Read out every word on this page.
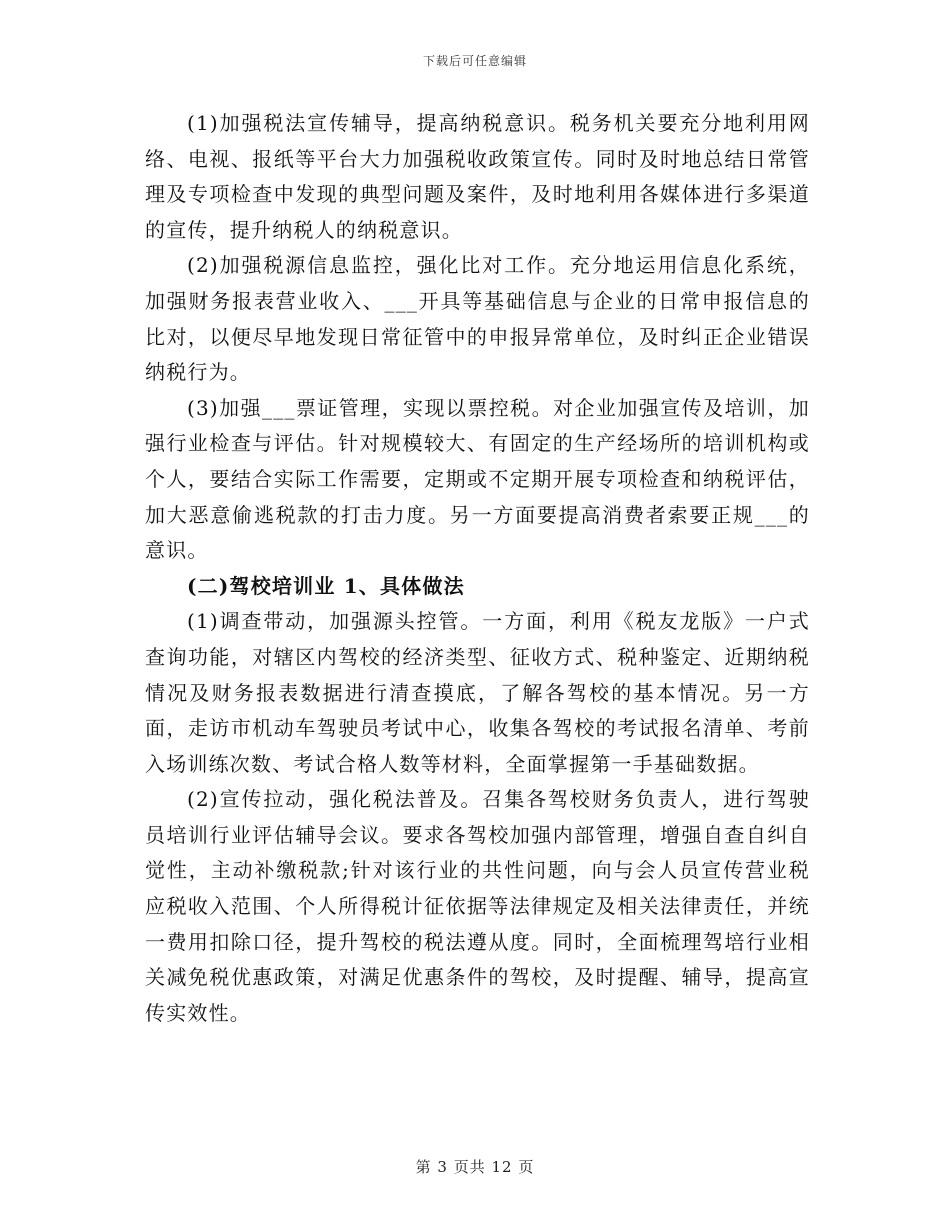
下载后可任意编辑

(1)加强税法宣传辅导，提高纳税意识。税务机关要充分地利用网络、电视、报纸等平台大力加强税收政策宣传。同时及时地总结日常管理及专项检查中发现的典型问题及案件，及时地利用各媒体进行多渠道的宣传，提升纳税人的纳税意识。

(2)加强税源信息监控，强化比对工作。充分地运用信息化系统，加强财务报表营业收入、___开具等基础信息与企业的日常申报信息的比对，以便尽早地发现日常征管中的申报异常单位，及时纠正企业错误纳税行为。

(3)加强___票证管理，实现以票控税。对企业加强宣传及培训，加强行业检查与评估。针对规模较大、有固定的生产经场所的培训机构或个人，要结合实际工作需要，定期或不定期开展专项检查和纳税评估，加大恶意偷逃税款的打击力度。另一方面要提高消费者索要正规___的意识。

(二)驾校培训业 1、具体做法

(1)调查带动，加强源头控管。一方面，利用《税友龙版》一户式查询功能，对辖区内驾校的经济类型、征收方式、税种鉴定、近期纳税情况及财务报表数据进行清查摸底，了解各驾校的基本情况。另一方面，走访市机动车驾驶员考试中心，收集各驾校的考试报名清单、考前入场训练次数、考试合格人数等材料，全面掌握第一手基础数据。

(2)宣传拉动，强化税法普及。召集各驾校财务负责人，进行驾驶员培训行业评估辅导会议。要求各驾校加强内部管理，增强自查自纠自觉性，主动补缴税款;针对该行业的共性问题，向与会人员宣传营业税应税收入范围、个人所得税计征依据等法律规定及相关法律责任，并统一费用扣除口径，提升驾校的税法遵从度。同时，全面梳理驾培行业相关减免税优惠政策，对满足优惠条件的驾校，及时提醒、辅导，提高宣传实效性。

第 3 页共 12 页
